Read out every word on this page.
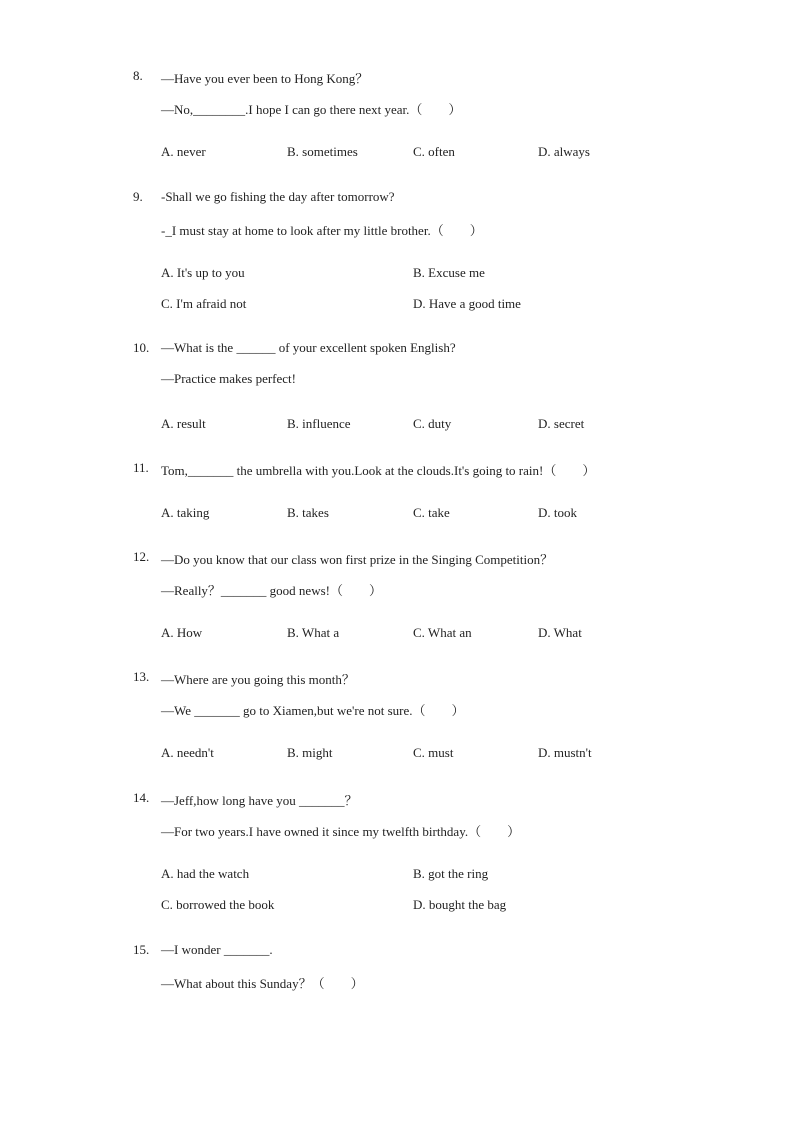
8. —Have you ever been to Hong Kong？
—No,________.I hope I can go there next year.（　　）
A. never	B. sometimes	C. often	D. always
9. -Shall we go fishing the day after tomorrow?
-_I must stay at home to look after my little brother.（　　）
A. It's up to you	B. Excuse me
C. I'm afraid not	D. Have a good time
10. —What is the ______ of your excellent spoken English?
—Practice makes perfect!
A. result	B. influence	C. duty	D. secret
11. Tom,_______ the umbrella with you.Look at the clouds.It's going to rain!（　　）
A. taking	B. takes	C. take	D. took
12. —Do you know that our class won first prize in the Singing Competition？
—Really？_______ good news!（　　）
A. How	B. What a	C. What an	D. What
13. —Where are you going this month？
—We _______ go to Xiamen,but we're not sure.（　　）
A. needn't	B. might	C. must	D. mustn't
14. —Jeff,how long have you _______？
—For two years.I have owned it since my twelfth birthday.（　　）
A. had the watch	B. got the ring
C. borrowed the book	D. bought the bag
15. —I wonder _______.
—What about this Sunday？（　　）
